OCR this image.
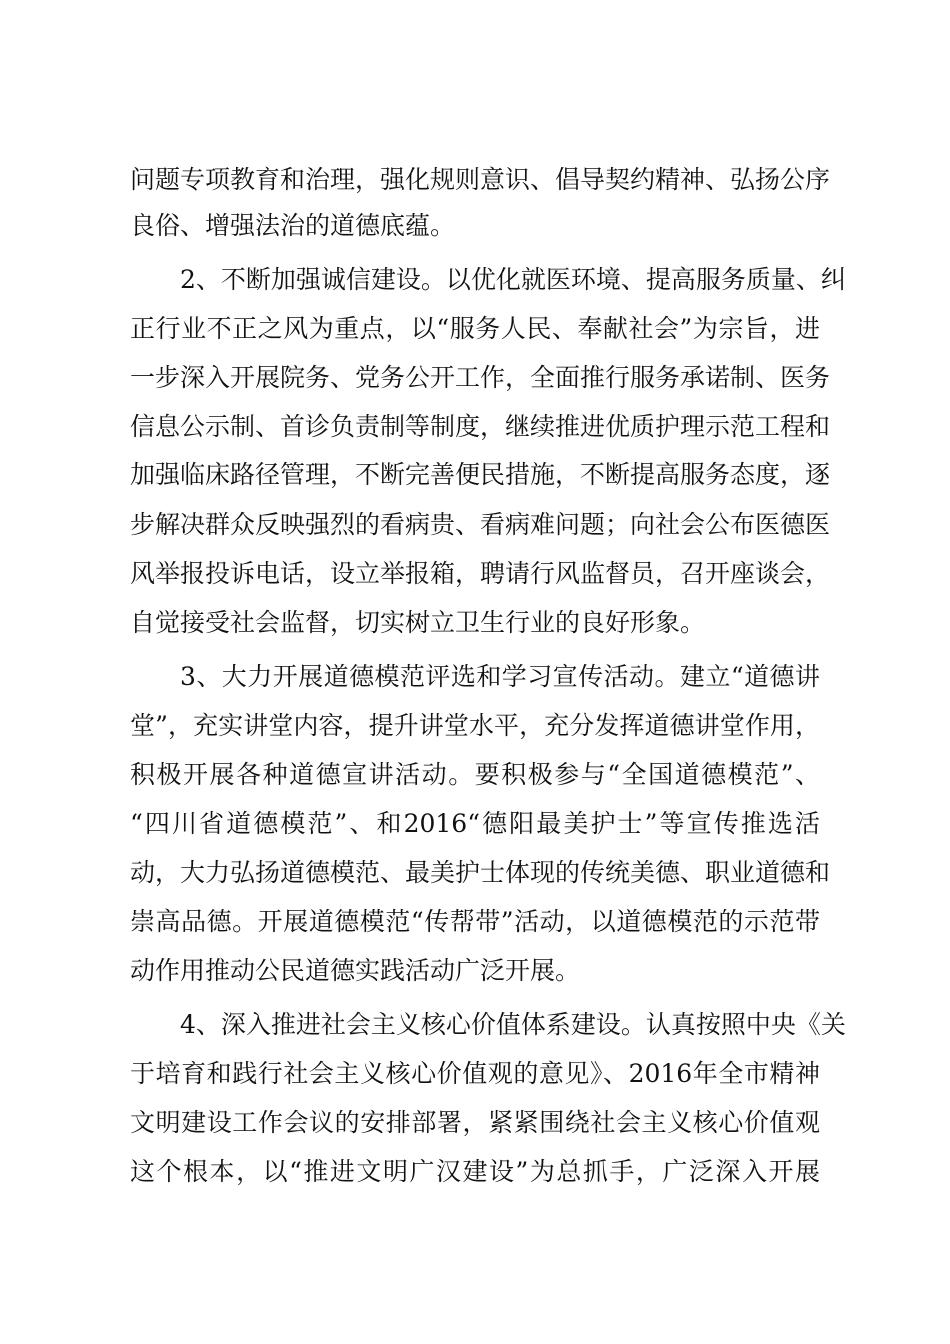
问题专项教育和治理，强化规则意识、倡导契约精神、弘扬公序
良俗、增强法治的道德底蕴。
2、不断加强诚信建设。以优化就医环境、提高服务质量、纠
正行业不正之风为重点，以“服务人民、奉献社会”为宗旨，进
一步深入开展院务、党务公开工作，全面推行服务承诺制、医务
信息公示制、首诊负责制等制度，继续推进优质护理示范工程和
加强临床路径管理，不断完善便民措施，不断提高服务态度，逐
步解决群众反映强烈的看病贵、看病难问题；向社会公布医德医
风举报投诉电话，设立举报箱，聘请行风监督员，召开座谈会，
自觉接受社会监督，切实树立卫生行业的良好形象。
3、大力开展道德模范评选和学习宣传活动。建立“道德讲
堂”，充实讲堂内容，提升讲堂水平，充分发挥道德讲堂作用，
积极开展各种道德宣讲活动。要积极参与“全国道德模范”、
“四川省道德模范”、和2016“德阳最美护士”等宣传推选活
动，大力弘扬道德模范、最美护士体现的传统美德、职业道德和
崇高品德。开展道德模范“传帮带”活动，以道德模范的示范带
动作用推动公民道德实践活动广泛开展。
4、深入推进社会主义核心价值体系建设。认真按照中央《关
于培育和践行社会主义核心价值观的意见》、2016年全市精神
文明建设工作会议的安排部署，紧紧围绕社会主义核心价值观
这个根本，以“推进文明广汉建设”为总抓手，广泛深入开展
